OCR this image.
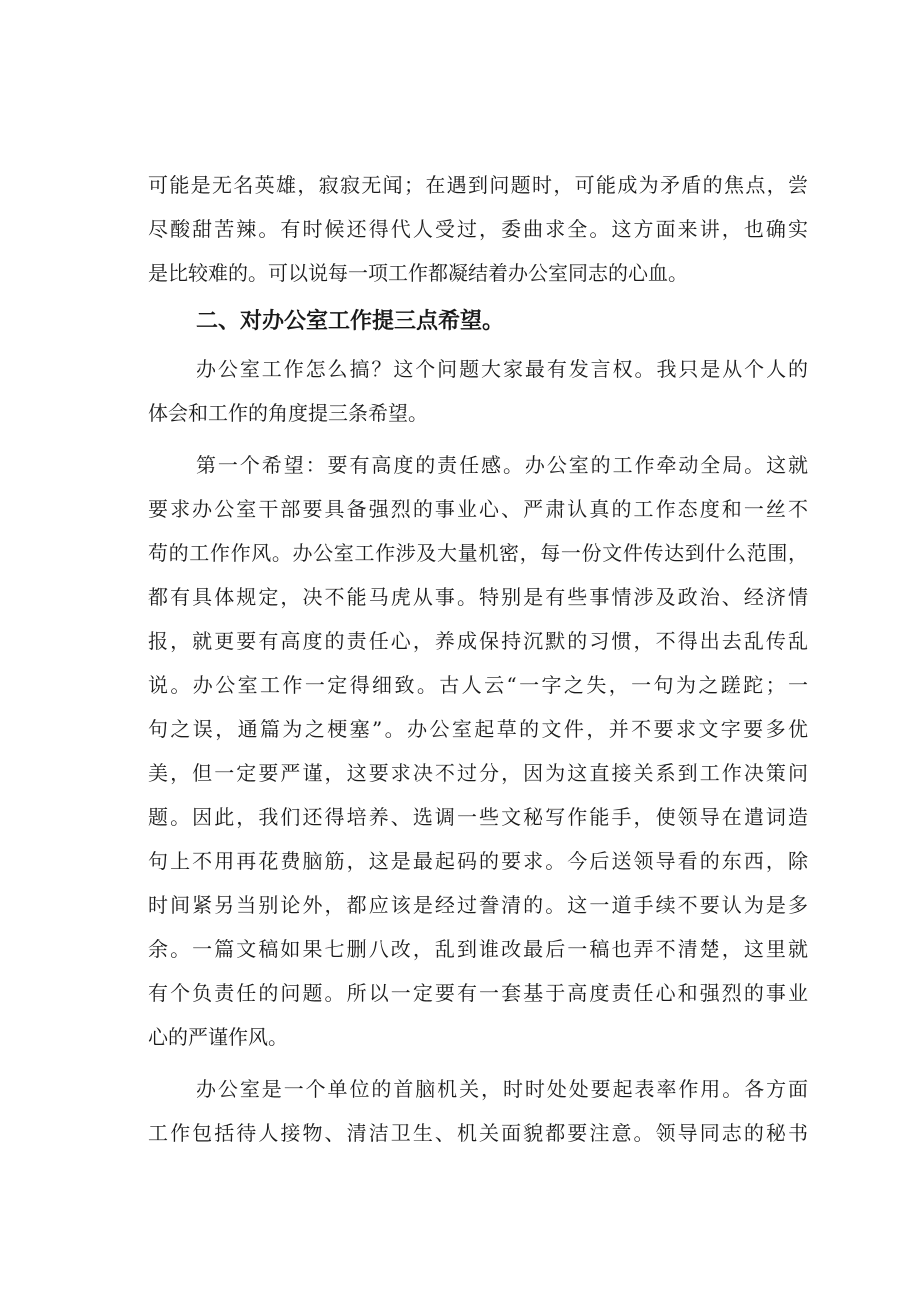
可能是无名英雄，寂寂无闻；在遇到问题时，可能成为矛盾的焦点，尝
尽酸甜苦辣。有时候还得代人受过，委曲求全。这方面来讲，也确实
是比较难的。可以说每一项工作都凝结着办公室同志的心血。
二、对办公室工作提三点希望。
办公室工作怎么搞？这个问题大家最有发言权。我只是从个人的
体会和工作的角度提三条希望。
第一个希望：要有高度的责任感。办公室的工作牵动全局。这就
要求办公室干部要具备强烈的事业心、严肃认真的工作态度和一丝不
苟的工作作风。办公室工作涉及大量机密，每一份文件传达到什么范围，
都有具体规定，决不能马虎从事。特别是有些事情涉及政治、经济情
报，就更要有高度的责任心，养成保持沉默的习惯，不得出去乱传乱
说。办公室工作一定得细致。古人云“一字之失，一句为之蹉跎；一
句之误，通篇为之梗塞”。办公室起草的文件，并不要求文字要多优
美，但一定要严谨，这要求决不过分，因为这直接关系到工作决策问
题。因此，我们还得培养、选调一些文秘写作能手，使领导在遣词造
句上不用再花费脑筋，这是最起码的要求。今后送领导看的东西，除
时间紧另当别论外，都应该是经过誊清的。这一道手续不要认为是多
余。一篇文稿如果七删八改，乱到谁改最后一稿也弄不清楚，这里就
有个负责任的问题。所以一定要有一套基于高度责任心和强烈的事业
心的严谨作风。
办公室是一个单位的首脑机关，时时处处要起表率作用。各方面
工作包括待人接物、清洁卫生、机关面貌都要注意。领导同志的秘书
